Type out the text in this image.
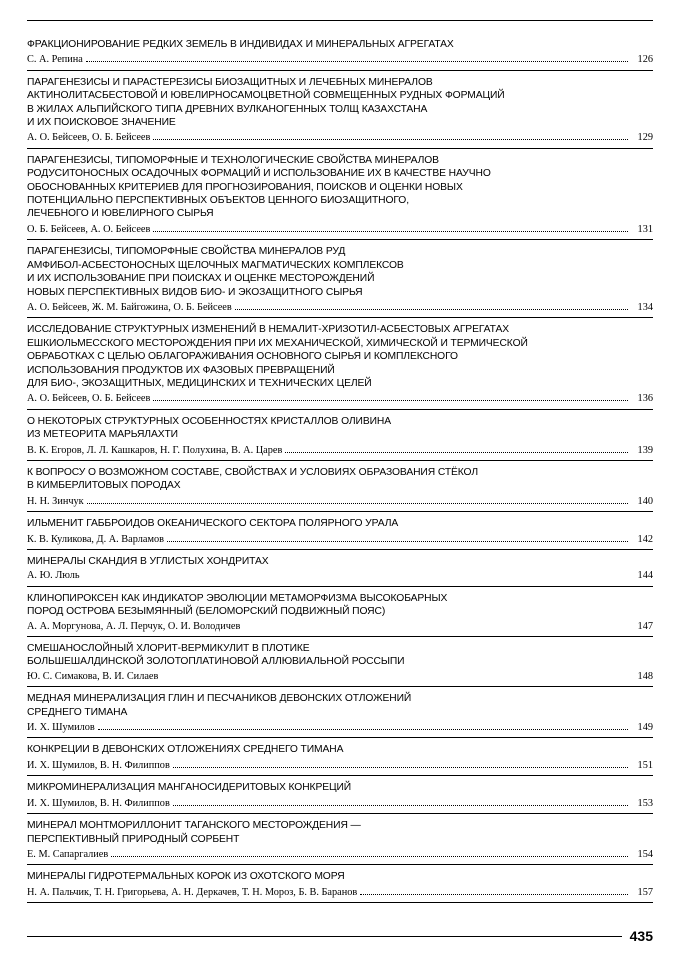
ФРАКЦИОНИРОВАНИЕ РЕДКИХ ЗЕМЕЛЬ В ИНДИВИДАХ И МИНЕРАЛЬНЫХ АГРЕГАТАХ

С. А. Репина	126

ПАРАГЕНЕЗИСЫ И ПАРАСТЕРЕЗИСЫ БИОЗАЩИТНЫХ И ЛЕЧЕБНЫХ МИНЕРАЛОВ
АКТИНОЛИТАСБЕСТОВОЙ И ЮВЕЛИРНОСАМОЦВЕТНОЙ СОВМЕЩЕННЫХ РУДНЫХ ФОРМАЦИЙ
В ЖИЛАХ АЛЬПИЙСКОГО ТИПА ДРЕВНИХ ВУЛКАНОГЕННЫХ ТОЛЩ КАЗАХСТАНА
И ИХ ПОИСКОВОЕ ЗНАЧЕНИЕ

А. О. Бейсеев, О. Б. Бейсеев	129

ПАРАГЕНЕЗИСЫ, ТИПОМОРФНЫЕ И ТЕХНОЛОГИЧЕСКИЕ СВОЙСТВА МИНЕРАЛОВ
РОДУСИТОНОСНЫХ ОСАДОЧНЫХ ФОРМАЦИЙ И ИСПОЛЬЗОВАНИЕ ИХ В КАЧЕСТВЕ НАУЧНО
ОБОСНОВАННЫХ КРИТЕРИЕВ ДЛЯ ПРОГНОЗИРОВАНИЯ, ПОИСКОВ И ОЦЕНКИ НОВЫХ
ПОТЕНЦИАЛЬНО ПЕРСПЕКТИВНЫХ ОБЪЕКТОВ ЦЕННОГО БИОЗАЩИТНОГО,
ЛЕЧЕБНОГО И ЮВЕЛИРНОГО СЫРЬЯ

О. Б. Бейсеев, А. О. Бейсеев	131

ПАРАГЕНЕЗИСЫ, ТИПОМОРФНЫЕ СВОЙСТВА МИНЕРАЛОВ РУД
АМФИБОЛ-АСБЕСТОНОСНЫХ ЩЕЛОЧНЫХ МАГМАТИЧЕСКИХ КОМПЛЕКСОВ
И ИХ ИСПОЛЬЗОВАНИЕ ПРИ ПОИСКАХ И ОЦЕНКЕ МЕСТОРОЖДЕНИЙ
НОВЫХ ПЕРСПЕКТИВНЫХ ВИДОВ БИО- И ЭКОЗАЩИТНОГО СЫРЬЯ

А. О. Бейсеев, Ж. М. Байгожина, О. Б. Бейсеев	134

ИССЛЕДОВАНИЕ СТРУКТУРНЫХ ИЗМЕНЕНИЙ В НЕМАЛИТ-ХРИЗОТИЛ-АСБЕСТОВЫХ АГРЕГАТАХ
ЕШКИОЛЬМЕССКОГО МЕСТОРОЖДЕНИЯ ПРИ ИХ МЕХАНИЧЕСКОЙ, ХИМИЧЕСКОЙ И ТЕРМИЧЕСКОЙ
ОБРАБОТКАХ С ЦЕЛЬЮ ОБЛАГОРАЖИВАНИЯ ОСНОВНОГО СЫРЬЯ И КОМПЛЕКСНОГО
ИСПОЛЬЗОВАНИЯ ПРОДУКТОВ ИХ ФАЗОВЫХ ПРЕВРАЩЕНИЙ
ДЛЯ БИО-, ЭКОЗАЩИТНЫХ, МЕДИЦИНСКИХ И ТЕХНИЧЕСКИХ ЦЕЛЕЙ

А. О. Бейсеев, О. Б. Бейсеев	136

О НЕКОТОРЫХ СТРУКТУРНЫХ ОСОБЕННОСТЯХ КРИСТАЛЛОВ ОЛИВИНА
ИЗ МЕТЕОРИТА МАРЬЯЛАХТИ

В. К. Егоров, Л. Л. Кашкаров, Н. Г. Полухина, В. А. Царев	139

К ВОПРОСУ О ВОЗМОЖНОМ СОСТАВЕ, СВОЙСТВАХ И УСЛОВИЯХ ОБРАЗОВАНИЯ СТЁКОЛ
В КИМБЕРЛИТОВЫХ ПОРОДАХ

Н. Н. Зинчук	140

ИЛЬМЕНИТ ГАББРОИДОВ ОКЕАНИЧЕСКОГО СЕКТОРА ПОЛЯРНОГО УРАЛА

К. В. Куликова, Д. А. Варламов	142

МИНЕРАЛЫ СКАНДИЯ В УГЛИСТЫХ ХОНДРИТАХ

А. Ю. Люль	144

КЛИНОПИРОКСЕН КАК ИНДИКАТОР ЭВОЛЮЦИИ МЕТАМОРФИЗМА ВЫСОКОБАРНЫХ
ПОРОД ОСТРОВА БЕЗЫМЯННЫЙ (БЕЛОМОРСКИЙ ПОДВИЖНЫЙ ПОЯС)

А. А. Моргунова, А. Л. Перчук, О. И. Володичев	147

СМЕШАНОСЛОЙНЫЙ ХЛОРИТ-ВЕРМИКУЛИТ В ПЛОТИКЕ
БОЛЬШЕШАЛДИНСКОЙ ЗОЛОТОПЛАТИНОВОЙ АЛЛЮВИАЛЬНОЙ РОССЫПИ

Ю. С. Симакова, В. И. Силаев	148

МЕДНАЯ МИНЕРАЛИЗАЦИЯ ГЛИН И ПЕСЧАНИКОВ ДЕВОНСКИХ ОТЛОЖЕНИЙ
СРЕДНЕГО ТИМАНА

И. Х. Шумилов	149

КОНКРЕЦИИ В ДЕВОНСКИХ ОТЛОЖЕНИЯХ СРЕДНЕГО ТИМАНА

И. Х. Шумилов, В. Н. Филиппов	151

МИКРОМИНЕРАЛИЗАЦИЯ МАНГАНОСИДЕРИТОВЫХ КОНКРЕЦИЙ

И. Х. Шумилов, В. Н. Филиппов	153

МИНЕРАЛ МОНТМОРИЛЛОНИТ ТАГАНСКОГО МЕСТОРОЖДЕНИЯ —
ПЕРСПЕКТИВНЫЙ ПРИРОДНЫЙ СОРБЕНТ

Е. М. Сапаргалиев	154

МИНЕРАЛЫ ГИДРОТЕРМАЛЬНЫХ КОРОК ИЗ ОХОТСКОГО МОРЯ

Н. А. Пальчик, Т. Н. Григорьева, А. Н. Деркачев, Т. Н. Мороз, Б. В. Баранов	157
435
